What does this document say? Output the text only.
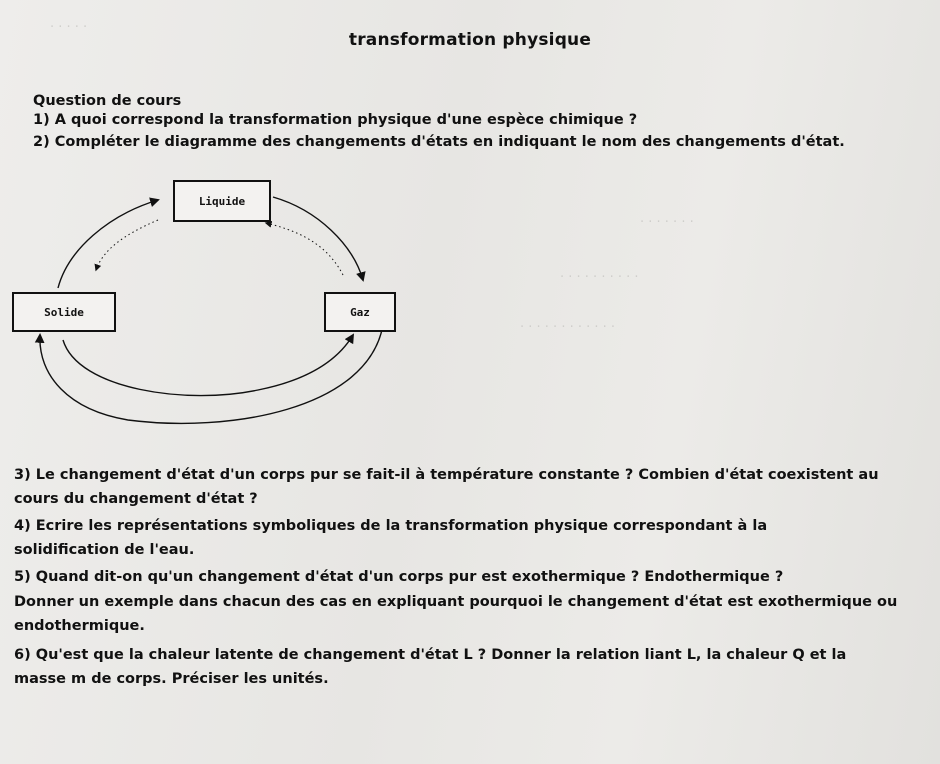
· · · · ·
· · · · · · ·
· · · · · · · · · ·
· · · · · · · · · · · ·
transformation physique
Question de cours
1) A quoi correspond la transformation physique d'une espèce chimique ?
2) Compléter le diagramme des changements d'états en indiquant le nom des changements d'état.
Liquide
Solide	Gaz
3) Le changement d'état d'un corps pur se fait-il à température constante ? Combien d'état coexistent au
cours du changement d'état ?
4) Ecrire les représentations symboliques de la transformation physique correspondant à la
solidification de l'eau.
5) Quand dit-on qu'un changement d'état d'un corps pur est exothermique ? Endothermique ?
Donner un exemple dans chacun des cas en expliquant pourquoi le changement d'état est exothermique ou
endothermique.
6) Qu'est que la chaleur latente de changement d'état L ? Donner la relation liant L, la chaleur Q et la
masse m de corps. Préciser les unités.
